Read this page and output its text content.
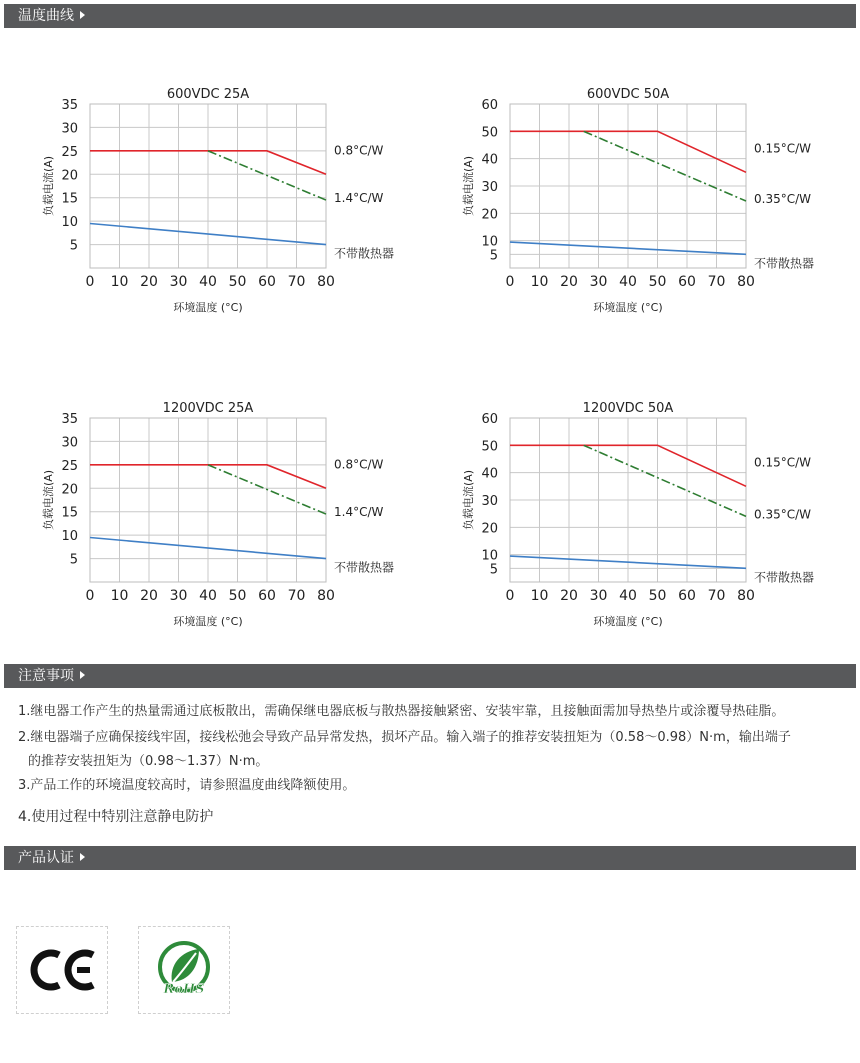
温度曲线
600VDC 25A
0 10 20 30 40 50 60 70 80
5
10
15
20
25
30
35
环境温度 (°C)
负载电流(A)
0.8°C/W
1.4°C/W
不带散热器
600VDC 50A
0 10 20 30 40 50 60 70 80
5
10
20
30
40
50
60
环境温度 (°C)
负载电流(A)
0.15°C/W
0.35°C/W
不带散热器
1200VDC 25A
0 10 20 30 40 50 60 70 80
5
10
15
20
25
30
35
环境温度 (°C)
负载电流(A)
0.8°C/W
1.4°C/W
不带散热器
1200VDC 50A
0 10 20 30 40 50 60 70 80
5
10
20
30
40
50
60
环境温度 (°C)
负载电流(A)
0.15°C/W
0.35°C/W
不带散热器
注意事项
1.继电器工作产生的热量需通过底板散出，需确保继电器底板与散热器接触紧密、安装牢靠，且接触面需加导热垫片或涂覆导热硅脂。
2.继电器端子应确保接线牢固，接线松弛会导致产品异常发热，损坏产品。输入端子的推荐安装扭矩为（0.58～0.98）N·m，输出端子
的推荐安装扭矩为（0.98～1.37）N·m。
3.产品工作的环境温度较高时，请参照温度曲线降额使用。
4.使用过程中特别注意静电防护
产品认证
RoHS
